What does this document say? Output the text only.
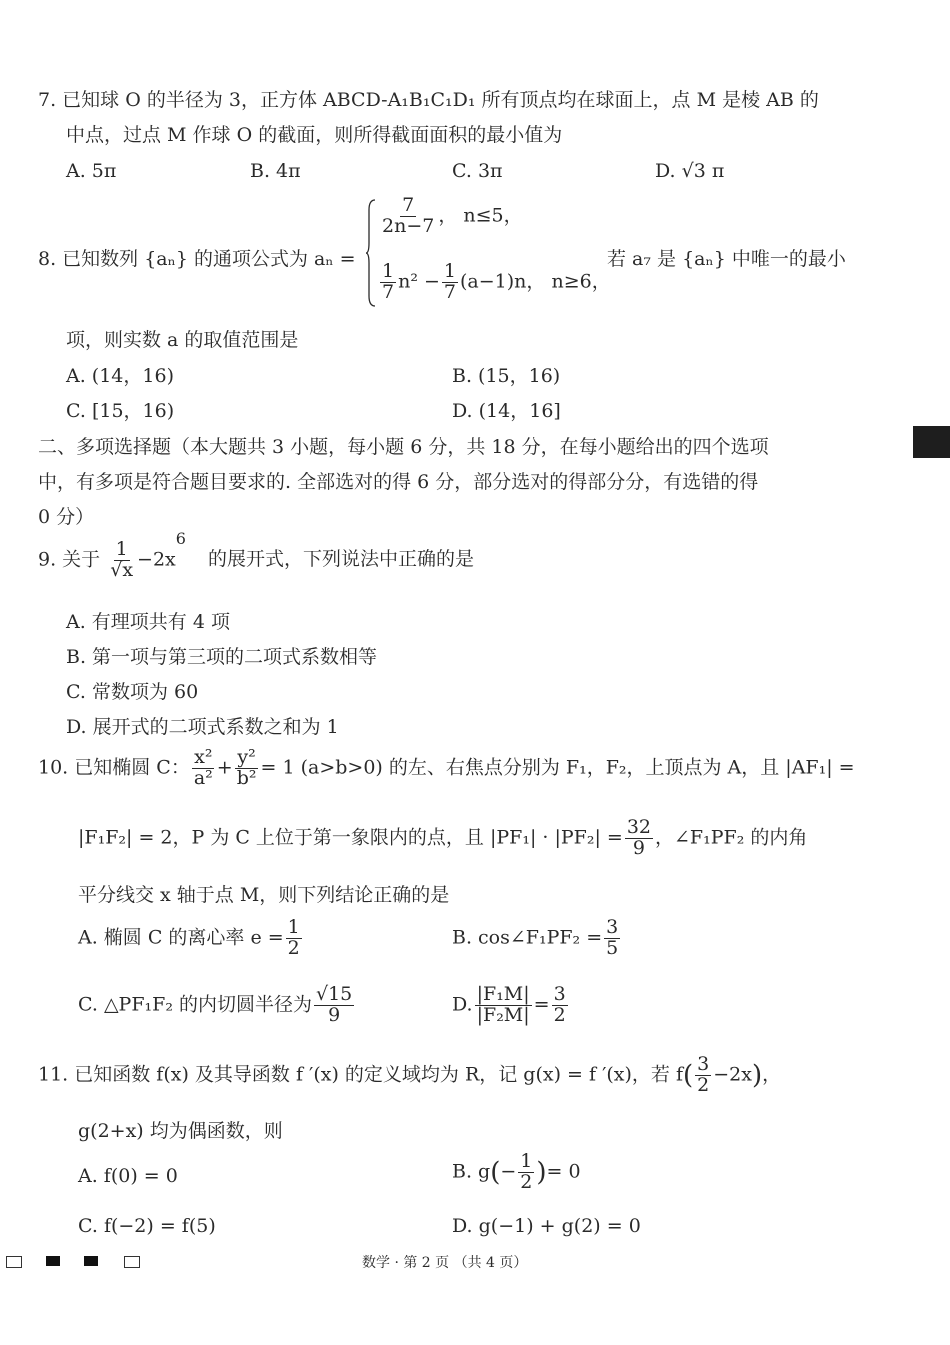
7. 已知球 O 的半径为 3，正方体 ABCD-A₁B₁C₁D₁ 所有顶点均在球面上，点 M 是棱 AB 的
中点，过点 M 作球 O 的截面，则所得截面面积的最小值为
A. 5π	B. 4π	C. 3π	D. √3 π
8. 已知数列 {aₙ} 的通项公式为 aₙ =
$\frac{7}{2n-7}$ ， n≤5，
$\frac{1}{7} n^2 - \frac{1}{7} (a-1)n$， n≥6，
若 a₇ 是 {aₙ} 中唯一的最小
项，则实数 a 的取值范围是
A. (14，16)	B. (15，16)
C. [15，16)	D. (14，16]
二、多项选择题（本大题共 3 小题，每小题 6 分，共 18 分，在每小题给出的四个选项
中，有多项是符合题目要求的. 全部选对的得 6 分，部分选对的得部分分，有选错的得
0 分）
9. 关于 $\frac{1}{√x} -2x^6$ 的展开式，下列说法中正确的是
A. 有理项共有 4 项
B. 第一项与第三项的二项式系数相等
C. 常数项为 60
D. 展开式的二项式系数之和为 1
10. 已知椭圆 C： $\frac{\text{x²}}{\text{a²}} + \frac{\text{y²}}{\text{b²}} = 1$ (a>b>0) 的左、右焦点分别为 F₁，F₂，上顶点为 A，且 |AF₁| =
|F₁F₂| = 2，P 为 C 上位于第一象限内的点，且 $|PF_1| \cdot |PF_2| = \frac{32}{9}$ ，∠F₁PF₂ 的内角
平分线交 x 轴于点 M，则下列结论正确的是
A. 椭圆 C 的离心率 $e = \frac{1}{2}$	B. cos∠F₁PF₂ = $\frac{3}{5}$
C. △PF₁F₂ 的内切圆半径为 $\frac{√15}{9}$	D. $\frac{\text{|F₁M|}}{\text{|F₂M|}} = \frac{3}{2}$
11. 已知函数 f(x) 及其导函数 f ′(x) 的定义域均为 R，记 g(x) = f ′(x)，若 $f( \frac{3}{2} -2x)$，
g(2+x) 均为偶函数，则
A. f(0) = 0	B. $g(- \frac{1}{2}$ )= 0
C. f(−2) = f(5)	D. g(−1) + g(2) = 0
数学 · 第 2 页 （共 4 页）
